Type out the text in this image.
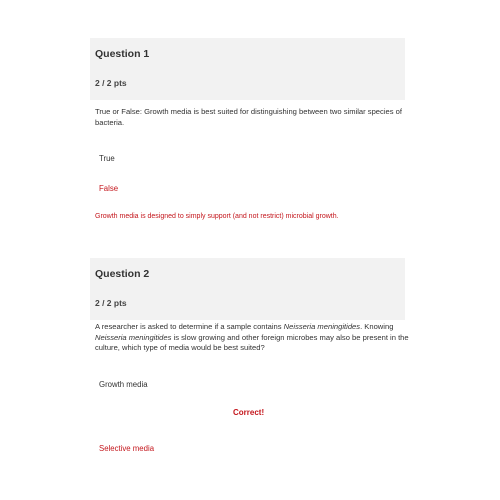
Question 1
2 / 2 pts

True or False: Growth media is best suited for distinguishing between two similar species of bacteria.

True
False
Growth media is designed to simply support (and not restrict) microbial growth.
Question 2
2 / 2 pts

A researcher is asked to determine if a sample contains Neisseria meningitides. Knowing Neisseria meningitides is slow growing and other foreign microbes may also be present in the culture, which type of media would be best suited?

Growth media
Correct!
Selective media
